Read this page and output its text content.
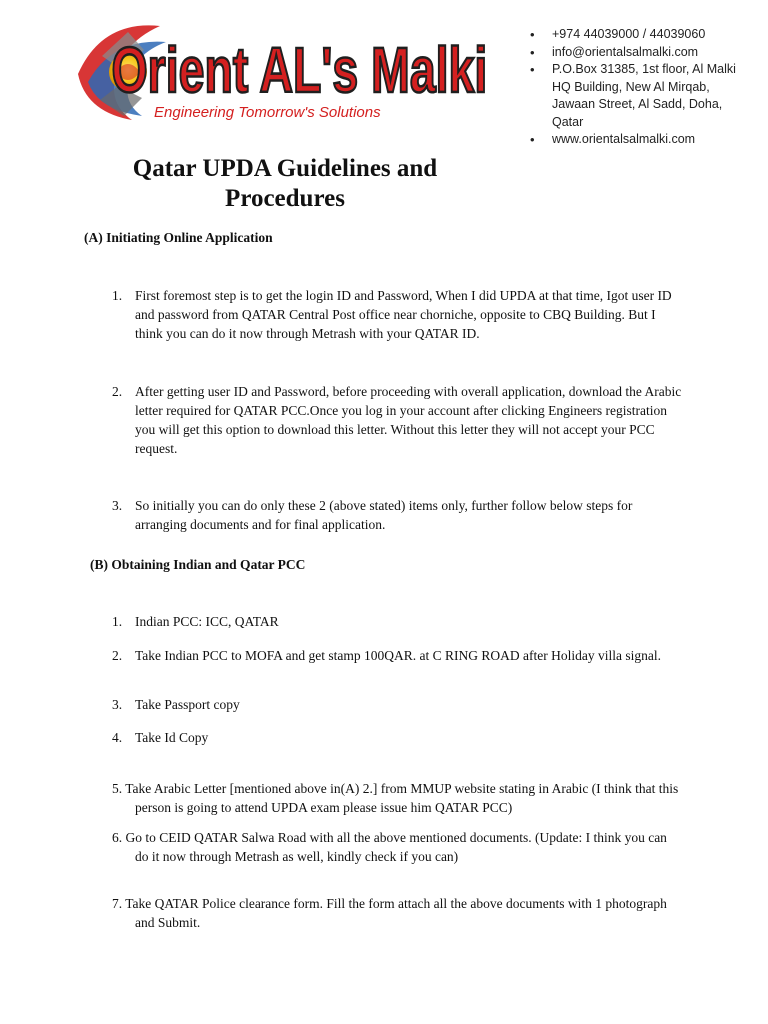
Orient AL's Malki
Engineering Tomorrow's Solutions
• +974 44039000 / 44039060
• info@orientalsalmalki.com
• P.O.Box 31385, 1st floor, Al Malki HQ Building, New Al Mirqab, Jawaan Street, Al Sadd, Doha, Qatar
• www.orientalsalmalki.com
Qatar UPDA Guidelines and Procedures
(A) Initiating Online Application
1. First foremost step is to get the login ID and Password, When I did UPDA at that time, Igot user ID and password from QATAR Central Post office near chorniche, opposite to CBQ Building. But I think you can do it now through Metrash with your QATAR ID.
2. After getting user ID and Password, before proceeding with overall application, download the Arabic letter required for QATAR PCC.Once you log in your account after clicking Engineers registration you will get this option to download this letter. Without this letter they will not accept your PCC request.
3. So initially you can do only these 2 (above stated) items only, further follow below steps for arranging documents and for final application.
(B) Obtaining Indian and Qatar PCC
1. Indian PCC: ICC, QATAR
2. Take Indian PCC to MOFA and get stamp 100QAR. at C RING ROAD after Holiday villa signal.
3. Take Passport copy
4. Take Id Copy
5. Take Arabic Letter [mentioned above in(A) 2.] from MMUP website stating in Arabic (I think that this person is going to attend UPDA exam please issue him QATAR PCC)
6. Go to CEID QATAR Salwa Road with all the above mentioned documents. (Update: I think you can do it now through Metrash as well, kindly check if you can)
7. Take QATAR Police clearance form. Fill the form attach all the above documents with 1 photograph and Submit.
